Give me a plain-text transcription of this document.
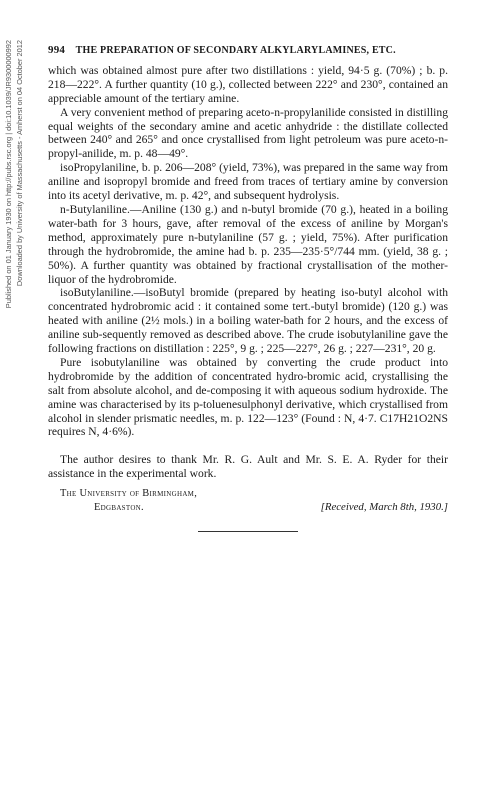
Published on 01 January 1930 on http://pubs.rsc.org | doi:10.1039/JR9300000992 Downloaded by University of Massachusetts - Amherst on 04 October 2012 994 THE PREPARATION OF SECONDARY ALKYLARYLAMINES, ETC.

which was obtained almost pure after two distillations : yield, 94·5 g. (70%) ; b. p. 218—222°. A further quantity (10 g.), collected between 222° and 230°, contained an appreciable amount of the tertiary amine.

A very convenient method of preparing aceto-n-propylanilide consisted in distilling equal weights of the secondary amine and acetic anhydride : the distillate collected between 240° and 265° and once crystallised from light petroleum was pure aceto-n-propyl-anilide, m. p. 48—49°.

isoPropylaniline, b. p. 206—208° (yield, 73%), was prepared in the same way from aniline and isopropyl bromide and freed from traces of tertiary amine by conversion into its acetyl derivative, m. p. 42°, and subsequent hydrolysis.

n-Butylaniline.—Aniline (130 g.) and n-butyl bromide (70 g.), heated in a boiling water-bath for 3 hours, gave, after removal of the excess of aniline by Morgan's method, approximately pure n-butylaniline (57 g. ; yield, 75%). After purification through the hydrobromide, the amine had b. p. 235—235·5°/744 mm. (yield, 38 g. ; 50%). A further quantity was obtained by fractional crystallisation of the mother-liquor of the hydrobromide.

isoButylaniline.—isoButyl bromide (prepared by heating iso-butyl alcohol with concentrated hydrobromic acid : it contained some tert.-butyl bromide) (120 g.) was heated with aniline (2½ mols.) in a boiling water-bath for 2 hours, and the excess of aniline sub-sequently removed as described above. The crude isobutylaniline gave the following fractions on distillation : 225°, 9 g. ; 225—227°, 26 g. ; 227—231°, 20 g.

Pure isobutylaniline was obtained by converting the crude product into hydrobromide by the addition of concentrated hydro-bromic acid, crystallising the salt from absolute alcohol, and de-composing it with aqueous sodium hydroxide. The amine was characterised by its p-toluenesulphonyl derivative, which crystallised from alcohol in slender prismatic needles, m. p. 122—123° (Found : N, 4·7. C17H21O2NS requires N, 4·6%).

The author desires to thank Mr. R. G. Ault and Mr. S. E. A. Ryder for their assistance in the experimental work.

The University of Birmingham,
Edgbaston.	[Received, March 8th, 1930.]
